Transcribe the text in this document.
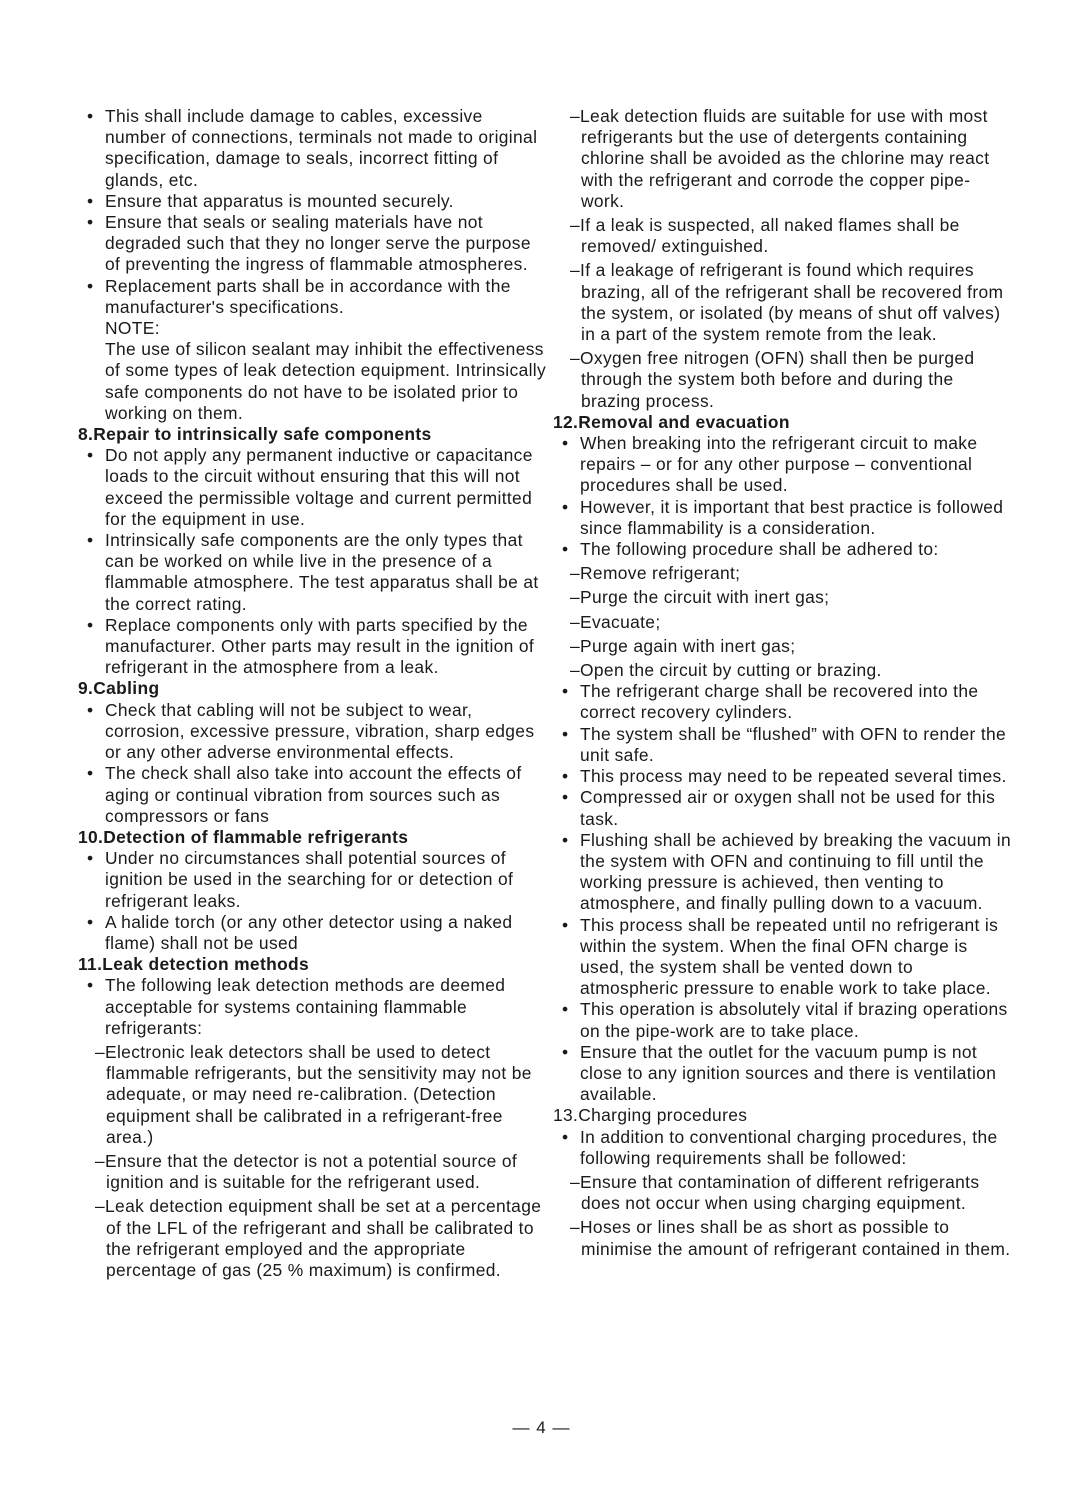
• This shall include damage to cables, excessive number of connections, terminals not made to original specification, damage to seals, incorrect fitting of glands, etc.
• Ensure that apparatus is mounted securely.
• Ensure that seals or sealing materials have not degraded such that they no longer serve the purpose of preventing the ingress of flammable atmospheres.
• Replacement parts shall be in accordance with the manufacturer's specifications.
NOTE:
The use of silicon sealant may inhibit the effectiveness of some types of leak detection equipment. Intrinsically safe components do not have to be isolated prior to working on them.
8.Repair to intrinsically safe components
• Do not apply any permanent inductive or capacitance loads to the circuit without ensuring that this will not exceed the permissible voltage and current permitted for the equipment in use.
• Intrinsically safe components are the only types that can be worked on while live in the presence of a flammable atmosphere. The test apparatus shall be at the correct rating.
• Replace components only with parts specified by the manufacturer. Other parts may result in the ignition of refrigerant in the atmosphere from a leak.
9.Cabling
• Check that cabling will not be subject to wear, corrosion, excessive pressure, vibration, sharp edges or any other adverse environmental effects.
• The check shall also take into account the effects of aging or continual vibration from sources such as compressors or fans
10.Detection of flammable refrigerants
• Under no circumstances shall potential sources of ignition be used in the searching for or detection of refrigerant leaks.
• A halide torch (or any other detector using a naked flame) shall not be used
11.Leak detection methods
• The following leak detection methods are deemed acceptable for systems containing flammable refrigerants:
–Electronic leak detectors shall be used to detect flammable refrigerants, but the sensitivity may not be adequate, or may need re-calibration. (Detection equipment shall be calibrated in a refrigerant-free area.)
–Ensure that the detector is not a potential source of ignition and is suitable for the refrigerant used.
–Leak detection equipment shall be set at a percentage of the LFL of the refrigerant and shall be calibrated to the refrigerant employed and the appropriate percentage of gas (25 % maximum) is confirmed.
–Leak detection fluids are suitable for use with most refrigerants but the use of detergents containing chlorine shall be avoided as the chlorine may react with the refrigerant and corrode the copper pipe-work.
–If a leak is suspected, all naked flames shall be removed/ extinguished.
–If a leakage of refrigerant is found which requires brazing, all of the refrigerant shall be recovered from the system, or isolated (by means of shut off valves) in a part of the system remote from the leak.
–Oxygen free nitrogen (OFN) shall then be purged through the system both before and during the brazing process.
12.Removal and evacuation
• When breaking into the refrigerant circuit to make repairs – or for any other purpose – conventional procedures shall be used.
• However, it is important that best practice is followed since flammability is a consideration.
• The following procedure shall be adhered to:
–Remove refrigerant;
–Purge the circuit with inert gas;
–Evacuate;
–Purge again with inert gas;
–Open the circuit by cutting or brazing.
• The refrigerant charge shall be recovered into the correct recovery cylinders.
• The system shall be “flushed” with OFN to render the unit safe.
• This process may need to be repeated several times.
• Compressed air or oxygen shall not be used for this task.
• Flushing shall be achieved by breaking the vacuum in the system with OFN and continuing to fill until the working pressure is achieved, then venting to atmosphere, and finally pulling down to a vacuum.
• This process shall be repeated until no refrigerant is within the system. When the final OFN charge is used, the system shall be vented down to atmospheric pressure to enable work to take place.
• This operation is absolutely vital if brazing operations on the pipe-work are to take place.
• Ensure that the outlet for the vacuum pump is not close to any ignition sources and there is ventilation available.
13.Charging procedures
• In addition to conventional charging procedures, the following requirements shall be followed:
–Ensure that contamination of different refrigerants does not occur when using charging equipment.
–Hoses or lines shall be as short as possible to minimise the amount of refrigerant contained in them.
— 4 —
